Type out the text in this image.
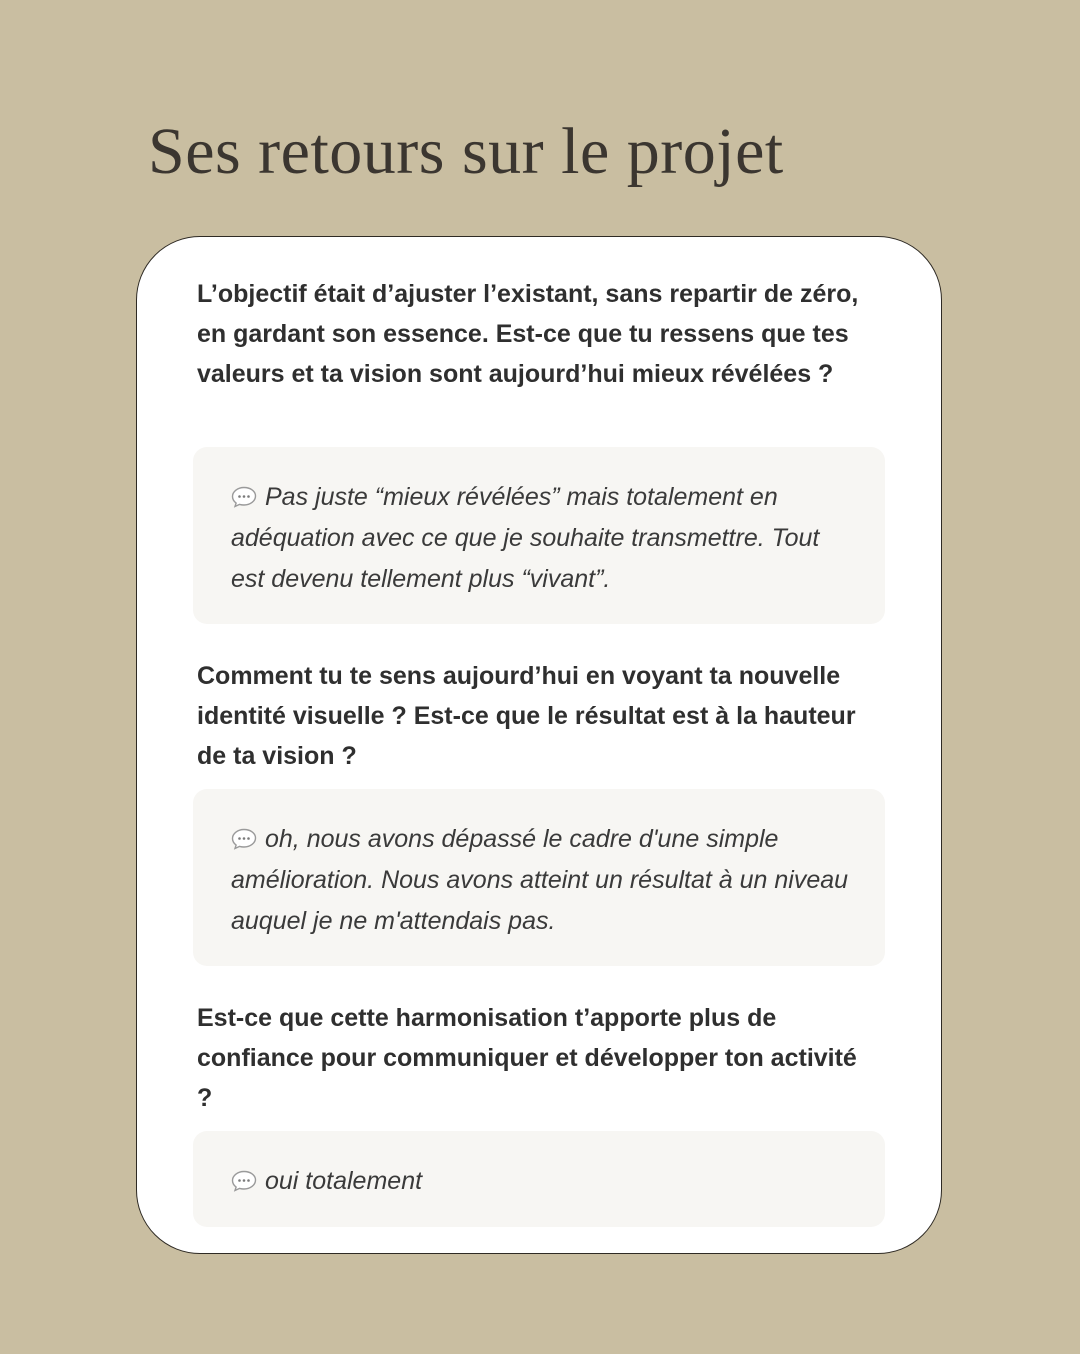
Ses retours sur le projet

L’objectif était d’ajuster l’existant, sans repartir de zéro, en gardant son essence. Est-ce que tu ressens que tes valeurs et ta vision sont aujourd’hui mieux révélées ?

Pas juste “mieux révélées” mais totalement en adéquation avec ce que je souhaite transmettre. Tout est devenu tellement plus “vivant”.

Comment tu te sens aujourd’hui en voyant ta nouvelle identité visuelle ? Est-ce que le résultat est à la hauteur de ta vision ?

oh, nous avons dépassé le cadre d'une simple amélioration. Nous avons atteint un résultat à un niveau auquel je ne m'attendais pas.

Est-ce que cette harmonisation t’apporte plus de confiance pour communiquer et développer ton activité ?

oui totalement
